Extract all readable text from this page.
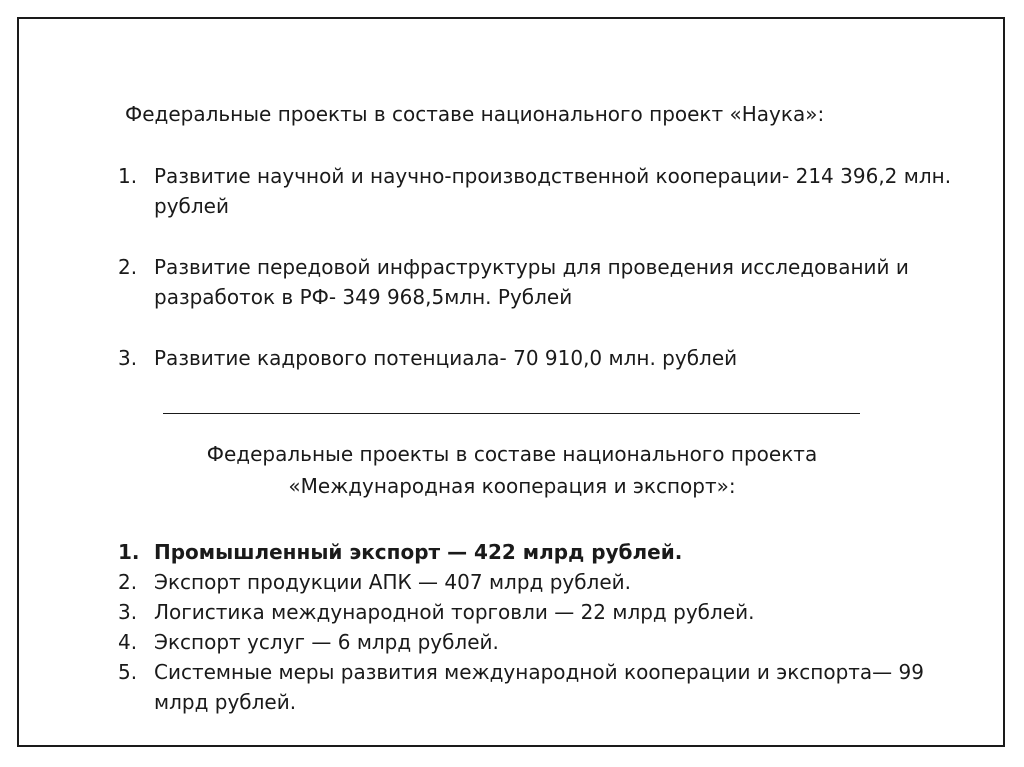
Федеральные проекты в составе национального проект «Наука»:
1. Развитие научной и научно-производственной кооперации- 214 396,2 млн. рублей
2. Развитие передовой инфраструктуры для проведения исследований и разработок в РФ- 349 968,5млн. Рублей
3. Развитие кадрового потенциала- 70 910,0 млн. рублей
Федеральные проекты в составе национального проекта
«Международная кооперация и экспорт»:
1. Промышленный экспорт — 422 млрд рублей.
2. Экспорт продукции АПК — 407 млрд рублей.
3. Логистика международной торговли — 22 млрд рублей.
4. Экспорт услуг — 6 млрд рублей.
5. Системные меры развития международной кооперации и экспорта— 99 млрд рублей.
